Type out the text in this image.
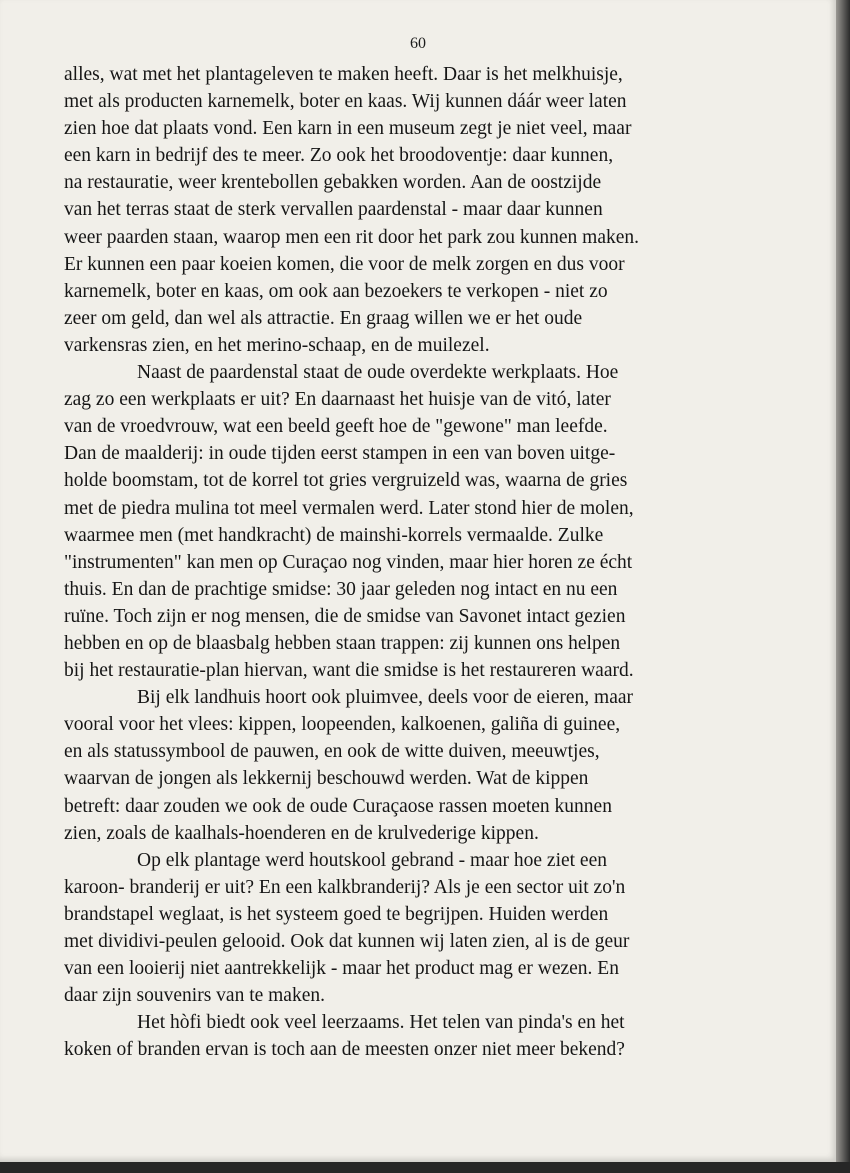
60
alles, wat met het plantageleven te maken heeft. Daar is het melkhuisje,
met als producten karnemelk, boter en kaas. Wij kunnen dáár weer laten
zien hoe dat plaats vond. Een karn in een museum zegt je niet veel, maar
een karn in bedrijf des te meer. Zo ook het broodoventje: daar kunnen,
na restauratie, weer krentebollen gebakken worden. Aan de oostzijde
van het terras staat de sterk vervallen paardenstal - maar daar kunnen
weer paarden staan, waarop men een rit door het park zou kunnen maken.
Er kunnen een paar koeien komen, die voor de melk zorgen en dus voor
karnemelk, boter en kaas, om ook aan bezoekers te verkopen - niet zo
zeer om geld, dan wel als attractie. En graag willen we er het oude
varkensras zien, en het merino-schaap, en de muilezel.
Naast de paardenstal staat de oude overdekte werkplaats. Hoe
zag zo een werkplaats er uit? En daarnaast het huisje van de vitó, later
van de vroedvrouw, wat een beeld geeft hoe de "gewone" man leefde.
Dan de maalderij: in oude tijden eerst stampen in een van boven uitge-
holde boomstam, tot de korrel tot gries vergruizeld was, waarna de gries
met de piedra mulina tot meel vermalen werd. Later stond hier de molen,
waarmee men (met handkracht) de mainshi-korrels vermaalde. Zulke
"instrumenten" kan men op Curaçao nog vinden, maar hier horen ze écht
thuis. En dan de prachtige smidse: 30 jaar geleden nog intact en nu een
ruïne. Toch zijn er nog mensen, die de smidse van Savonet intact gezien
hebben en op de blaasbalg hebben staan trappen: zij kunnen ons helpen
bij het restauratie-plan hiervan, want die smidse is het restaureren waard.
Bij elk landhuis hoort ook pluimvee, deels voor de eieren, maar
vooral voor het vlees: kippen, loopeenden, kalkoenen, galiña di guinee,
en als statussymbool de pauwen, en ook de witte duiven, meeuwtjes,
waarvan de jongen als lekkernij beschouwd werden. Wat de kippen
betreft: daar zouden we ook de oude Curaçaose rassen moeten kunnen
zien, zoals de kaalhals-hoenderen en de krulvederige kippen.
Op elk plantage werd houtskool gebrand - maar hoe ziet een
karoon- branderij er uit? En een kalkbranderij? Als je een sector uit zo'n
brandstapel weglaat, is het systeem goed te begrijpen. Huiden werden
met dividivi-peulen gelooid. Ook dat kunnen wij laten zien, al is de geur
van een looierij niet aantrekkelijk - maar het product mag er wezen. En
daar zijn souvenirs van te maken.
Het hòfi biedt ook veel leerzaams. Het telen van pinda's en het
koken of branden ervan is toch aan de meesten onzer niet meer bekend?
